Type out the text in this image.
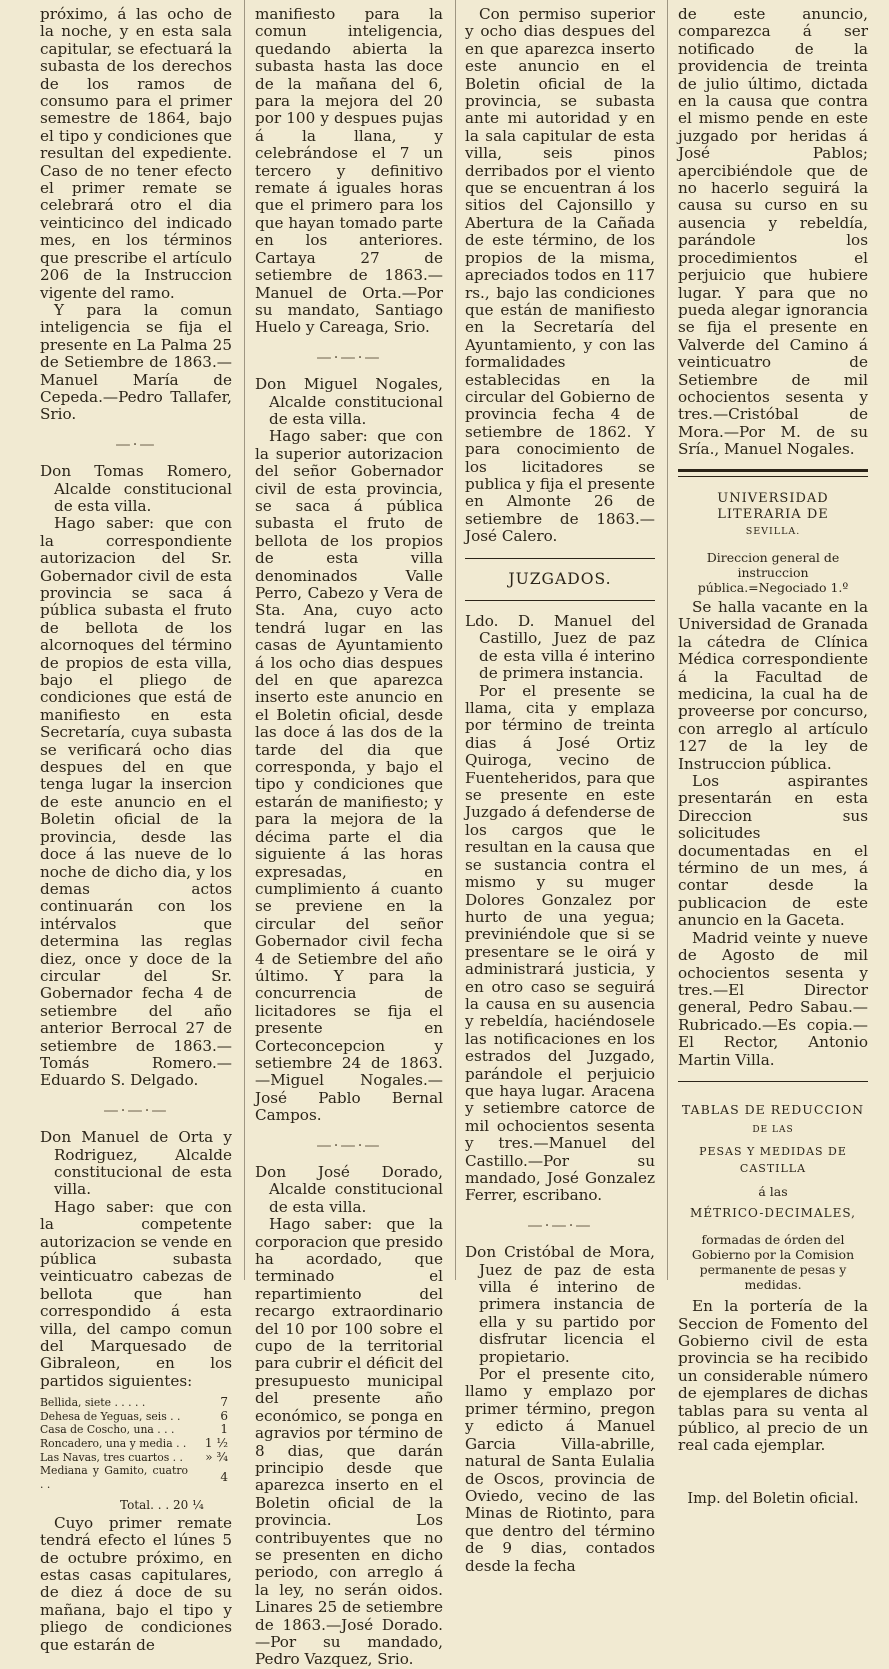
próximo, á las ocho de la noche, y en esta sala capitular, se efectuará la subasta de los derechos de los ramos de consumo para el primer semestre de 1864, bajo el tipo y condiciones que resultan del expediente. Caso de no tener efecto el primer remate se celebrará otro el dia veinticinco del indicado mes, en los términos que prescribe el artículo 206 de la Instruccion vigente del ramo.

Y para la comun inteligencia se fija el presente en La Palma 25 de Setiembre de 1863.—Manuel María de Cepeda.—Pedro Tallafer, Srio.

—·—

Don Tomas Romero, Alcalde constitucional de esta villa.

Hago saber: que con la correspondiente autorizacion del Sr. Gobernador civil de esta provincia se saca á pública subasta el fruto de bellota de los alcornoques del término de propios de esta villa, bajo el pliego de condiciones que está de manifiesto en esta Secretaría, cuya subasta se verificará ocho dias despues del en que tenga lugar la insercion de este anuncio en el Boletin oficial de la provincia, desde las doce á las nueve de lo noche de dicho dia, y los demas actos continuarán con los intérvalos que determina las reglas diez, once y doce de la circular del Sr. Gobernador fecha 4 de setiembre del año anterior Berrocal 27 de setiembre de 1863.—Tomás Romero.—Eduardo S. Delgado.

—·—·—

Don Manuel de Orta y Rodriguez, Alcalde constitucional de esta villa.

Hago saber: que con la competente autorizacion se vende en pública subasta veinticuatro cabezas de bellota que han correspondido á esta villa, del campo comun del Marquesado de Gibraleon, en los partidos siguientes:

Bellida, siete . . . . .	7
Dehesa de Yeguas, seis . .	6
Casa de Coscho, una . . .	1
Roncadero, una y media . .	1 ½
Las Navas, tres cuartos . .	» ¾
Mediana y Gamito, cuatro . .	4
Total. . . 20 ¼

Cuyo primer remate tendrá efecto el lúnes 5 de octubre próximo, en estas casas capitulares, de diez á doce de su mañana, bajo el tipo y pliego de condiciones que estarán de

manifiesto para la comun inteligencia, quedando abierta la subasta hasta las doce de la mañana del 6, para la mejora del 20 por 100 y despues pujas á la llana, y celebrándose el 7 un tercero y definitivo remate á iguales horas que el primero para los que hayan tomado parte en los anteriores. Cartaya 27 de setiembre de 1863.—Manuel de Orta.—Por su mandato, Santiago Huelo y Careaga, Srio.

—·—·—

Don Miguel Nogales, Alcalde constitucional de esta villa.

Hago saber: que con la superior autorizacion del señor Gobernador civil de esta provincia, se saca á pública subasta el fruto de bellota de los propios de esta villa denominados Valle Perro, Cabezo y Vera de Sta. Ana, cuyo acto tendrá lugar en las casas de Ayuntamiento á los ocho dias despues del en que aparezca inserto este anuncio en el Boletin oficial, desde las doce á las dos de la tarde del dia que corresponda, y bajo el tipo y condiciones que estarán de manifiesto; y para la mejora de la décima parte el dia siguiente á las horas expresadas, en cumplimiento á cuanto se previene en la circular del señor Gobernador civil fecha 4 de Setiembre del año último. Y para la concurrencia de licitadores se fija el presente en Corteconcepcion y setiembre 24 de 1863.—Miguel Nogales.—José Pablo Bernal Campos.

—·—·—

Don José Dorado, Alcalde constitucional de esta villa.

Hago saber: que la corporacion que presido ha acordado, que terminado el repartimiento del recargo extraordinario del 10 por 100 sobre el cupo de la territorial para cubrir el déficit del presupuesto municipal del presente año económico, se ponga en agravios por término de 8 dias, que darán principio desde que aparezca inserto en el Boletin oficial de la provincia. Los contribuyentes que no se presenten en dicho periodo, con arreglo á la ley, no serán oidos. Linares 25 de setiembre de 1863.—José Dorado.—Por su mandado, Pedro Vazquez, Srio.

Con permiso superior y ocho dias despues del en que aparezca inserto este anuncio en el Boletin oficial de la provincia, se subasta ante mi autoridad y en la sala capitular de esta villa, seis pinos derribados por el viento que se encuentran á los sitios del Cajonsillo y Abertura de la Cañada de este término, de los propios de la misma, apreciados todos en 117 rs., bajo las condiciones que están de manifiesto en la Secretaría del Ayuntamiento, y con las formalidades establecidas en la circular del Gobierno de provincia fecha 4 de setiembre de 1862. Y para conocimiento de los licitadores se publica y fija el presente en Almonte 26 de setiembre de 1863.—José Calero.

JUZGADOS.

Ldo. D. Manuel del Castillo, Juez de paz de esta villa é interino de primera instancia.

Por el presente se llama, cita y emplaza por término de treinta dias á José Ortiz Quiroga, vecino de Fuenteheridos, para que se presente en este Juzgado á defenderse de los cargos que le resultan en la causa que se sustancia contra el mismo y su muger Dolores Gonzalez por hurto de una yegua; previniéndole que si se presentare se le oirá y administrará justicia, y en otro caso se seguirá la causa en su ausencia y rebeldía, haciéndosele las notificaciones en los estrados del Juzgado, parándole el perjuicio que haya lugar. Aracena y setiembre catorce de mil ochocientos sesenta y tres.—Manuel del Castillo.—Por su mandado, José Gonzalez Ferrer, escribano.

—·—·—

Don Cristóbal de Mora, Juez de paz de esta villa é interino de primera instancia de ella y su partido por disfrutar licencia el propietario.

Por el presente cito, llamo y emplazo por primer término, pregon y edicto á Manuel Garcia Villa-abrille, natural de Santa Eulalia de Oscos, provincia de Oviedo, vecino de las Minas de Riotinto, para que dentro del término de 9 dias, contados desde la fecha

de este anuncio, comparezca á ser notificado de la providencia de treinta de julio último, dictada en la causa que contra el mismo pende en este juzgado por heridas á José Pablos; apercibiéndole que de no hacerlo seguirá la causa su curso en su ausencia y rebeldía, parándole los procedimientos el perjuicio que hubiere lugar. Y para que no pueda alegar ignorancia se fija el presente en Valverde del Camino á veinticuatro de Setiembre de mil ochocientos sesenta y tres.—Cristóbal de Mora.—Por M. de su Sría., Manuel Nogales.

UNIVERSIDAD LITERARIA DE
SEVILLA.

Direccion general de instruccion pública.=Negociado 1.º

Se halla vacante en la Universidad de Granada la cátedra de Clínica Médica correspondiente á la Facultad de medicina, la cual ha de proveerse por concurso, con arreglo al artículo 127 de la ley de Instruccion pública.

Los aspirantes presentarán en esta Direccion sus solicitudes documentadas en el término de un mes, á contar desde la publicacion de este anuncio en la Gaceta.

Madrid veinte y nueve de Agosto de mil ochocientos sesenta y tres.—El Director general, Pedro Sabau.—Rubricado.—Es copia.—El Rector, Antonio Martin Villa.

TABLAS DE REDUCCION
DE LAS
PESAS Y MEDIDAS DE CASTILLA
á las
MÉTRICO-DECIMALES,

formadas de órden del Gobierno por la Comision permanente de pesas y medidas.

En la portería de la Seccion de Fomento del Gobierno civil de esta provincia se ha recibido un considerable número de ejemplares de dichas tablas para su venta al público, al precio de un real cada ejemplar.

Imp. del Boletin oficial.
